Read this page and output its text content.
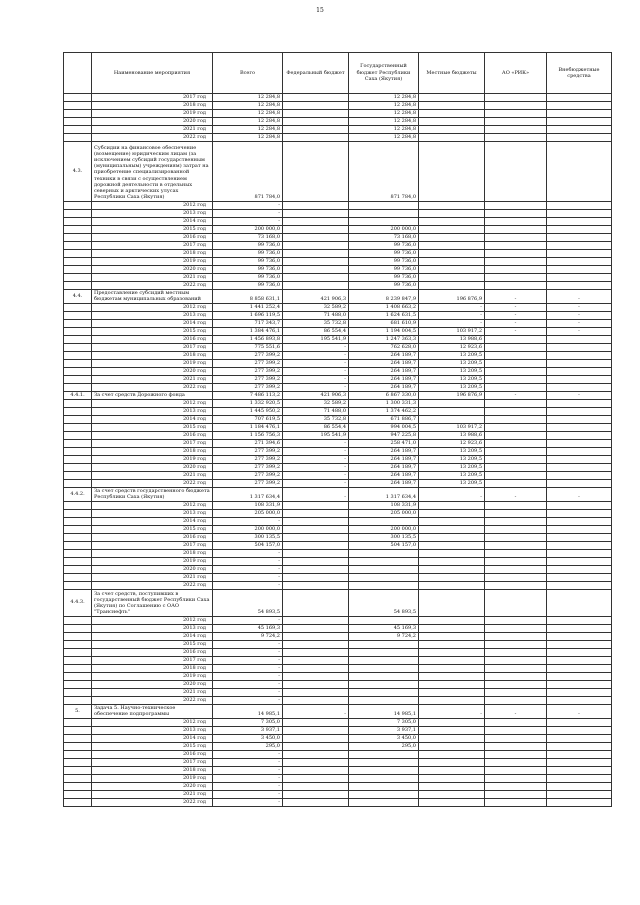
15
	Наименование мероприятия	Всего	Федеральный бюджет	Государственный бюджет Республики Саха (Якутия)	Местные бюджеты	АО «РИК»	Внебюджетные средства
	2017 год	12 284,8		12 284,8			
	2018 год	12 284,8		12 284,8			
	2019 год	12 284,8		12 284,8			
	2020 год	12 284,8		12 284,8			
	2021 год	12 284,8		12 284,8			
	2022 год	12 284,8		12 284,8			
4.3.	Субсидии на финансовое обеспечение (возмещение) юридическим лицам (за исключением субсидий государственным (муниципальным) учреждениям) затрат на приобретение специализированной техники в связи с осуществлением дорожной деятельности в отдельных северных и арктических улусах Республики Саха (Якутия)	871 784,0		871 784,0			
	2012 год	-					
	2013 год	-					
	2014 год	-					
	2015 год	200 000,0		200 000,0			
	2016 год	73 168,0		73 168,0			
	2017 год	99 736,0		99 736,0			
	2018 год	99 736,0		99 736,0			
	2019 год	99 736,0		99 736,0			
	2020 год	99 736,0		99 736,0			
	2021 год	99 736,0		99 736,0			
	2022 год	99 736,0		99 736,0			
4.4.	Предоставление субсидий местным бюджетам муниципальных образований	8 858 631,1	421 906,3	8 239 847,9	196 876,9	-	-
	2012 год	1 441 252,4	32 589,2	1 408 663,2	-	-	-
	2013 год	1 696 119,5	71 488,0	1 624 631,5	-	-	-
	2014 год	717 343,7	35 732,8	681 610,9	-	-	-
	2015 год	1 384 476,1	86 554,4	1 194 004,5	103 917,2	-	-
	2016 год	1 456 893,8	195 541,9	1 247 363,3	13 988,6		
	2017 год	775 551,6	-	762 628,0	12 923,6		
	2018 год	277 399,2	-	264 189,7	13 209,5		
	2019 год	277 399,2	-	264 189,7	13 209,5		
	2020 год	277 399,2	-	264 189,7	13 209,5		
	2021 год	277 399,2	-	264 189,7	13 209,5		
	2022 год	277 399,2	-	264 189,7	13 209,5		
4.4.1.	За счет средств Дорожного фонда	7 486 113,2	421 906,3	6 867 330,0	196 876,9	-	-
	2012 год	1 332 920,5	32 589,2	1 300 331,3			
	2013 год	1 445 950,2	71 488,0	1 374 462,2			
	2014 год	707 619,5	35 732,8	671 886,7			
	2015 год	1 184 476,1	86 554,4	994 004,5	103 917,2		
	2016 год	1 156 756,3	195 541,9	947 225,8	13 988,6		
	2017 год	271 394,6	-	258 471,0	12 923,6		
	2018 год	277 399,2	-	264 189,7	13 209,5		
	2019 год	277 399,2	-	264 189,7	13 209,5		
	2020 год	277 399,2	-	264 189,7	13 209,5		
	2021 год	277 399,2	-	264 189,7	13 209,5		
	2022 год	277 399,2	-	264 189,7	13 209,5		
4.4.2.	За счет средств государственного бюджета Республики Саха (Якутия)	1 317 634,4	-	1 317 634,4	-	-	-
	2012 год	108 331,9		108 331,9			
	2013 год	205 000,0		205 000,0			
	2014 год	-					
	2015 год	200 000,0		200 000,0			
	2016 год	300 135,5		300 135,5			
	2017 год	504 157,0		504 157,0			
	2018 год	-					
	2019 год	-					
	2020 год	-					
	2021 год	-					
	2022 год	-					
4.4.3.	За счет средств, поступивших в государственный бюджет Республики Саха (Якутия) по Соглашению с ОАО "Транснефть"	54 893,5		54 893,5			
	2012 год	-					
	2013 год	45 169,3		45 169,3			
	2014 год	9 724,2		9 724,2			
	2015 год	-					
	2016 год	-					
	2017 год	-					
	2018 год	-					
	2019 год	-					
	2020 год	-					
	2021 год	-					
	2022 год	-					
5.	Задача 5. Научно-техническое обеспечение подпрограммы	14 985,1	-	14 985,1	-	-	-
	2012 год	7 305,0		7 305,0			
	2013 год	3 937,1		3 937,1			
	2014 год	3 450,0		3 450,0			
	2015 год	295,0		295,0			
	2016 год	-					
	2017 год	-					
	2018 год	-					
	2019 год	-					
	2020 год	-					
	2021 год	-					
	2022 год	-					
